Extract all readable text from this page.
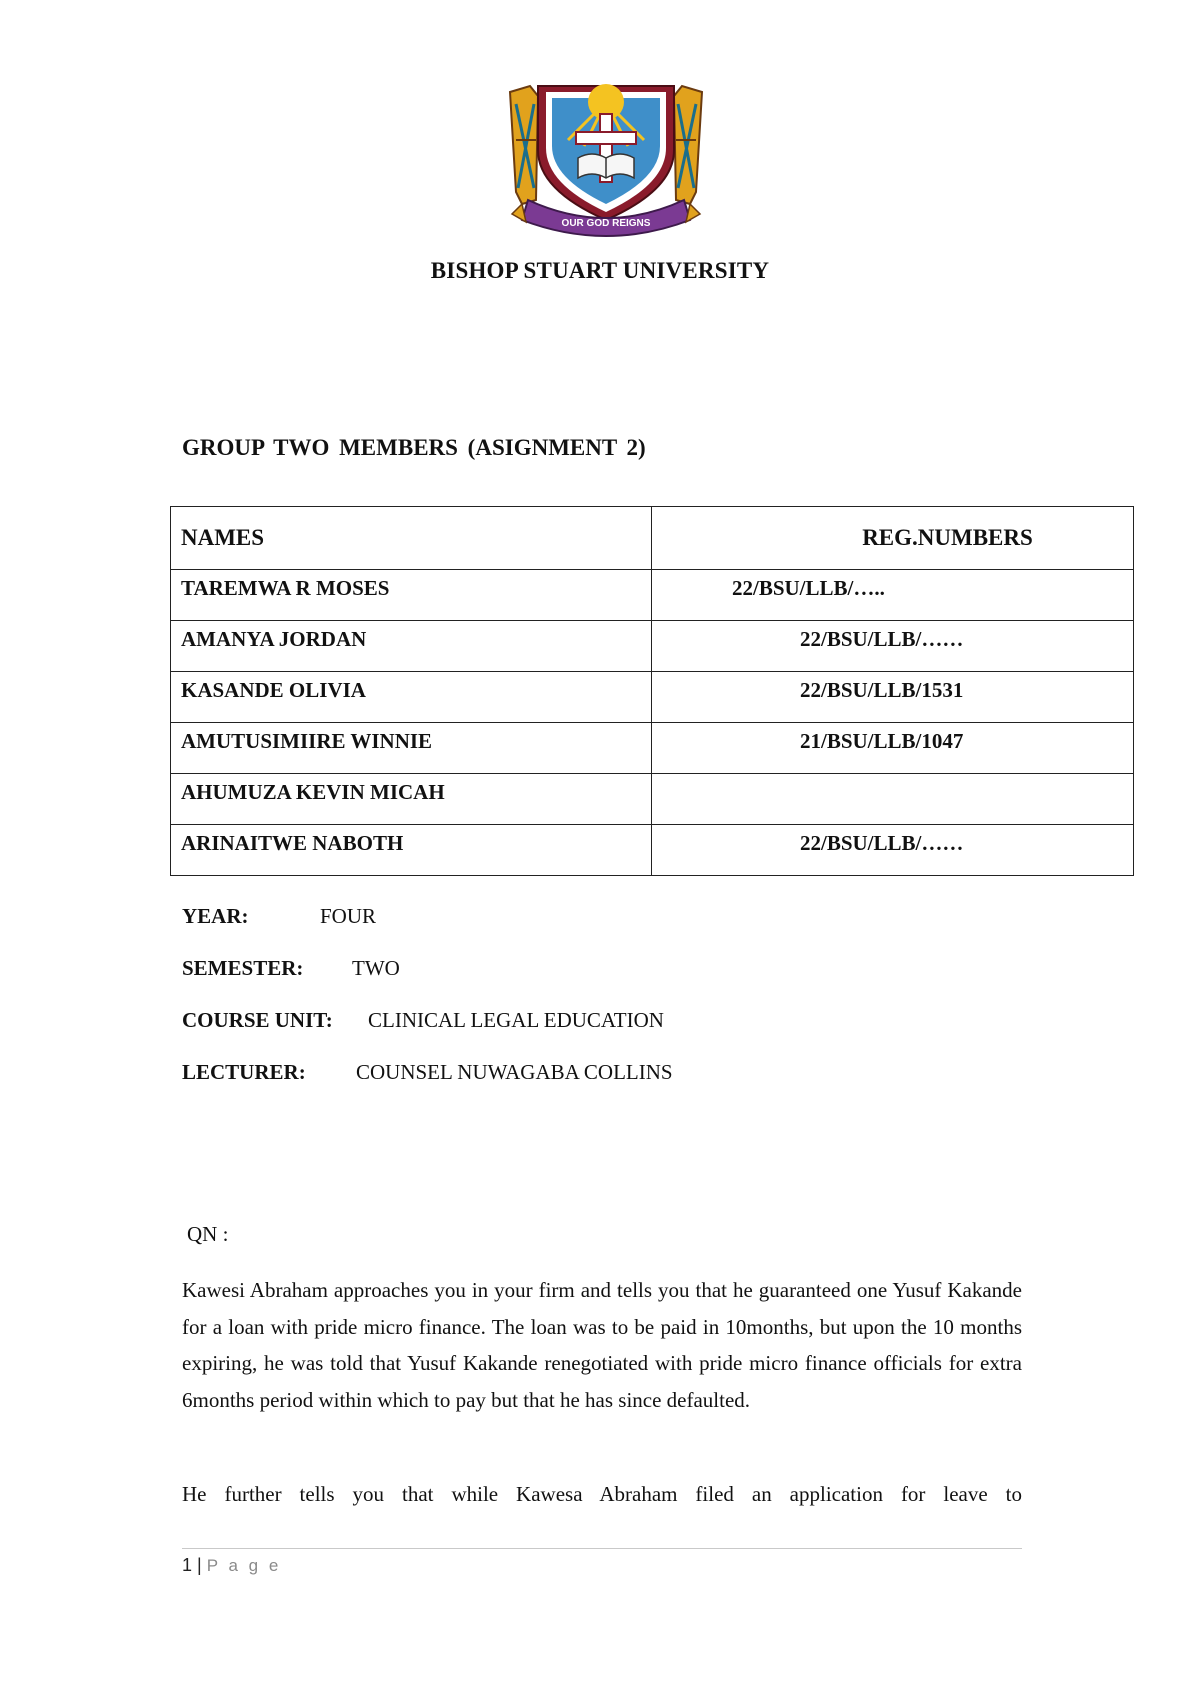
OUR GOD REIGNS
BISHOP STUART UNIVERSITY
GROUP TWO MEMBERS (ASIGNMENT 2)
NAMES	REG.NUMBERS
TAREMWA R MOSES	22/BSU/LLB/…..
AMANYA JORDAN	22/BSU/LLB/……
KASANDE OLIVIA	22/BSU/LLB/1531
AMUTUSIMIIRE WINNIE	21/BSU/LLB/1047
AHUMUZA KEVIN MICAH	
ARINAITWE NABOTH	22/BSU/LLB/……
YEAR:	FOUR
SEMESTER: TWO
COURSE UNIT: CLINICAL LEGAL EDUCATION
LECTURER: COUNSEL NUWAGABA COLLINS
QN :
Kawesi Abraham approaches you in your firm and tells you that he guaranteed one Yusuf Kakande for a loan with pride micro finance. The loan was to be paid in 10months, but upon the 10 months expiring, he was told that Yusuf Kakande renegotiated with pride micro finance officials for extra 6months period within which to pay but that he has since defaulted.
He further tells you that while Kawesa Abraham filed an application for leave to
1 | P a g e
